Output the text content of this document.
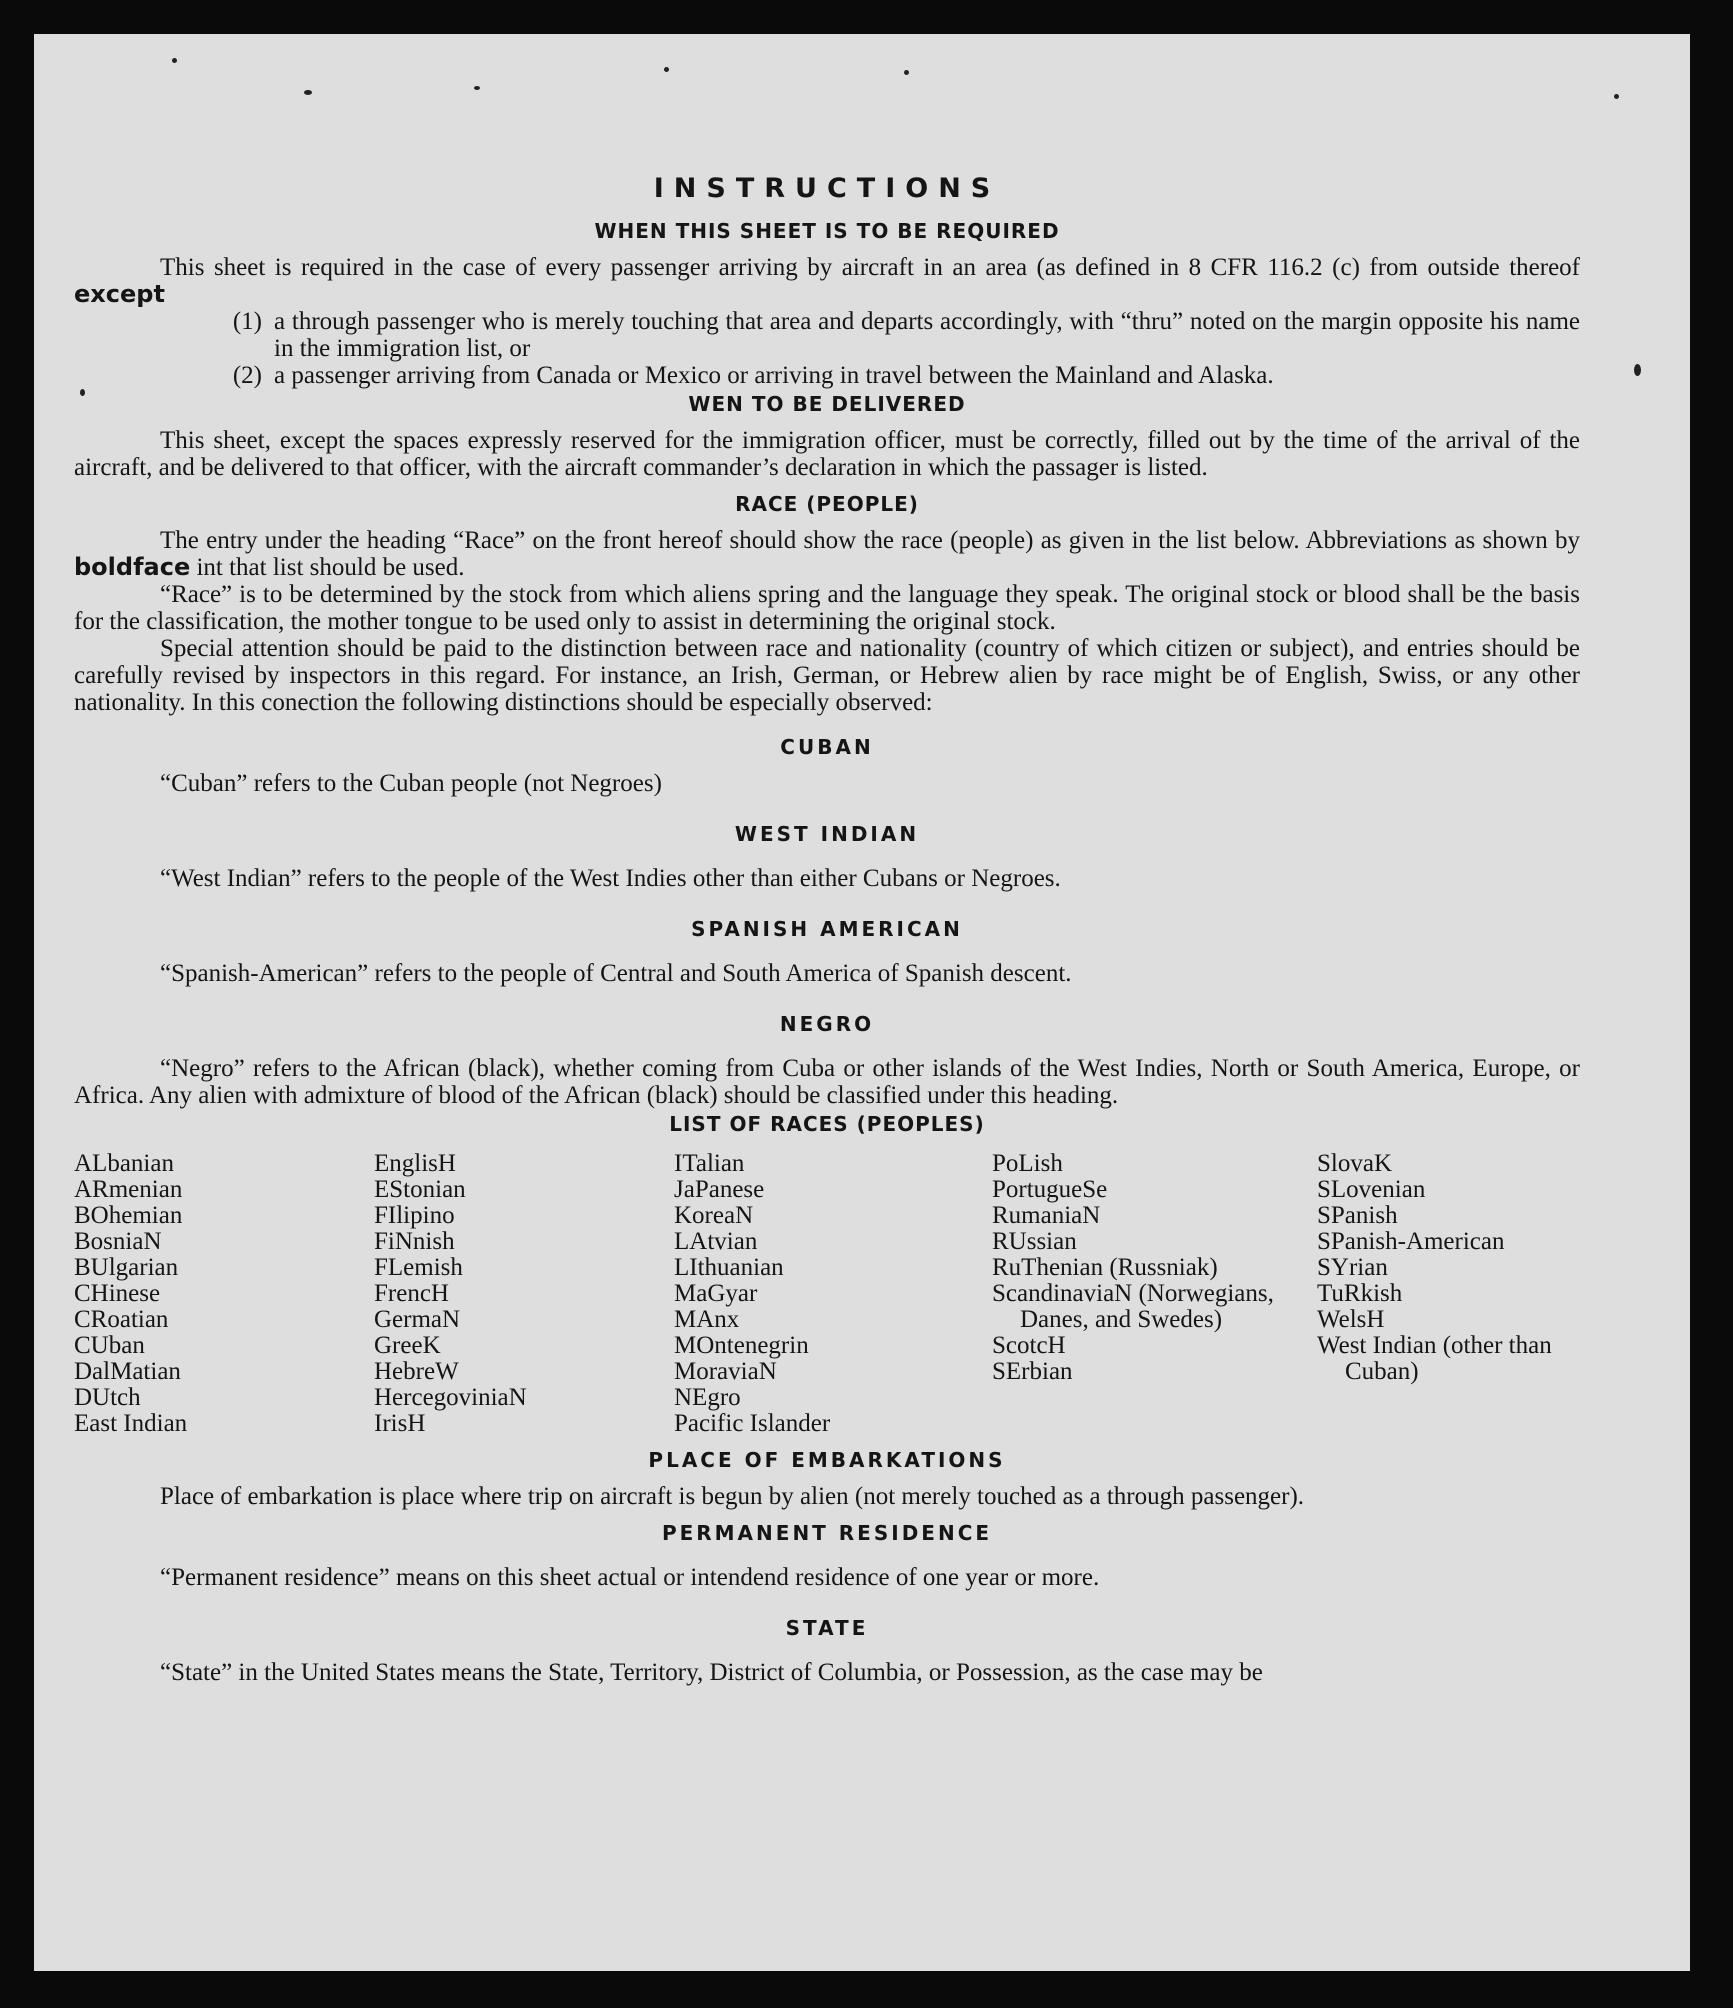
INSTRUCTIONS
WHEN THIS SHEET IS TO BE REQUIRED

This sheet is required in the case of every passenger arriving by aircraft in an area (as defined in 8 CFR 116.2 (c) from outside thereof except

(1) a through passenger who is merely touching that area and departs accordingly, with “thru” noted on the margin opposite his name in the immigration list, or
(2) a passenger arriving from Canada or Mexico or arriving in travel between the Mainland and Alaska.
WEN TO BE DELIVERED

This sheet, except the spaces expressly reserved for the immigration officer, must be correctly, filled out by the time of the arrival of the aircraft, and be delivered to that officer, with the aircraft commander’s declaration in which the passager is listed.

RACE (PEOPLE)

The entry under the heading “Race” on the front hereof should show the race (people) as given in the list below. Abbreviations as shown by boldface int that list should be used.

“Race” is to be determined by the stock from which aliens spring and the language they speak. The original stock or blood shall be the basis for the classification, the mother tongue to be used only to assist in determining the original stock.

Special attention should be paid to the distinction between race and nationality (country of which citizen or subject), and entries should be carefully revised by inspectors in this regard. For instance, an Irish, German, or Hebrew alien by race might be of English, Swiss, or any other nationality. In this conection the following distinctions should be especially observed:

CUBAN

“Cuban” refers to the Cuban people (not Negroes)

WEST INDIAN

“West Indian” refers to the people of the West Indies other than either Cubans or Negroes.

SPANISH AMERICAN

“Spanish-American” refers to the people of Central and South America of Spanish descent.

NEGRO

“Negro” refers to the African (black), whether coming from Cuba or other islands of the West Indies, North or South America, Europe, or Africa. Any alien with admixture of blood of the African (black) should be classified under this heading.

LIST OF RACES (PEOPLES)
ALbanian
ARmenian
BOhemian
BosniaN
BUlgarian
CHinese
CRoatian
CUban
DalMatian
DUtch
East Indian
EnglisH
EStonian
FIlipino
FiNnish
FLemish
FrencH
GermaN
GreeK
HebreW
HercegoviniaN
IrisH
ITalian
JaPanese
KoreaN
LAtvian
LIthuanian
MaGyar
MAnx
MOntenegrin
MoraviaN
NEgro
Pacific Islander
PoLish
PortugueSe
RumaniaN
RUssian
RuThenian (Russniak)
ScandinaviaN (Norwegians, Danes, and Swedes)
ScotcH
SErbian
SlovaK
SLovenian
SPanish
SPanish-American
SYrian
TuRkish
WelsH
West Indian (other than Cuban)
PLACE OF EMBARKATIONS

Place of embarkation is place where trip on aircraft is begun by alien (not merely touched as a through passenger).

PERMANENT RESIDENCE

“Permanent residence” means on this sheet actual or intendend residence of one year or more.

STATE

“State” in the United States means the State, Territory, District of Columbia, or Possession, as the case may be
